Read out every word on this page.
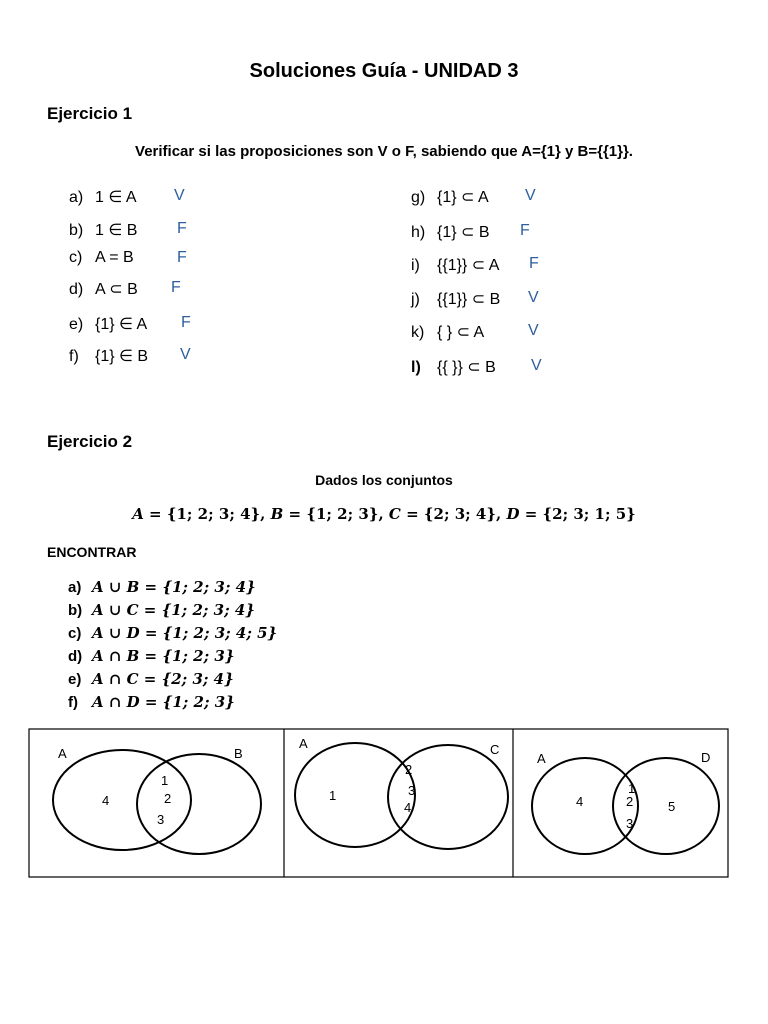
Soluciones Guía - UNIDAD 3
Ejercicio 1
Verificar si las proposiciones son V o F, sabiendo que A={1} y B={{1}}.
a) 1 ∈ A V
b) 1 ∈ B F
c) A = B	F
d) A ⊂ B F
e) {1} ∈ A F
f) {1} ∈ B V
g) {1} ⊂ A V
h) {1} ⊂ B F
i) {{1}} ⊂ A F
j) {{1}} ⊂ B V
k) { } ⊂ A	V
l) {{ }} ⊂ B V
Ejercicio 2
Dados los conjuntos
A = {1; 2; 3; 4}, B = {1; 2; 3}, C = {2; 3; 4}, D = {2; 3; 1; 5}
ENCONTRAR
a) A ∪ B = {1; 2; 3; 4}
b) A ∪ C = {1; 2; 3; 4}
c) A ∪ D = {1; 2; 3; 4; 5}
d) A ∩ B = {1; 2; 3}
e) A ∩ C = {2; 3; 4}
f) A ∩ D = {1; 2; 3}
A	B
4
1
2
3
A	C
1
2
3
4
A	D
4
1
2
3
5
